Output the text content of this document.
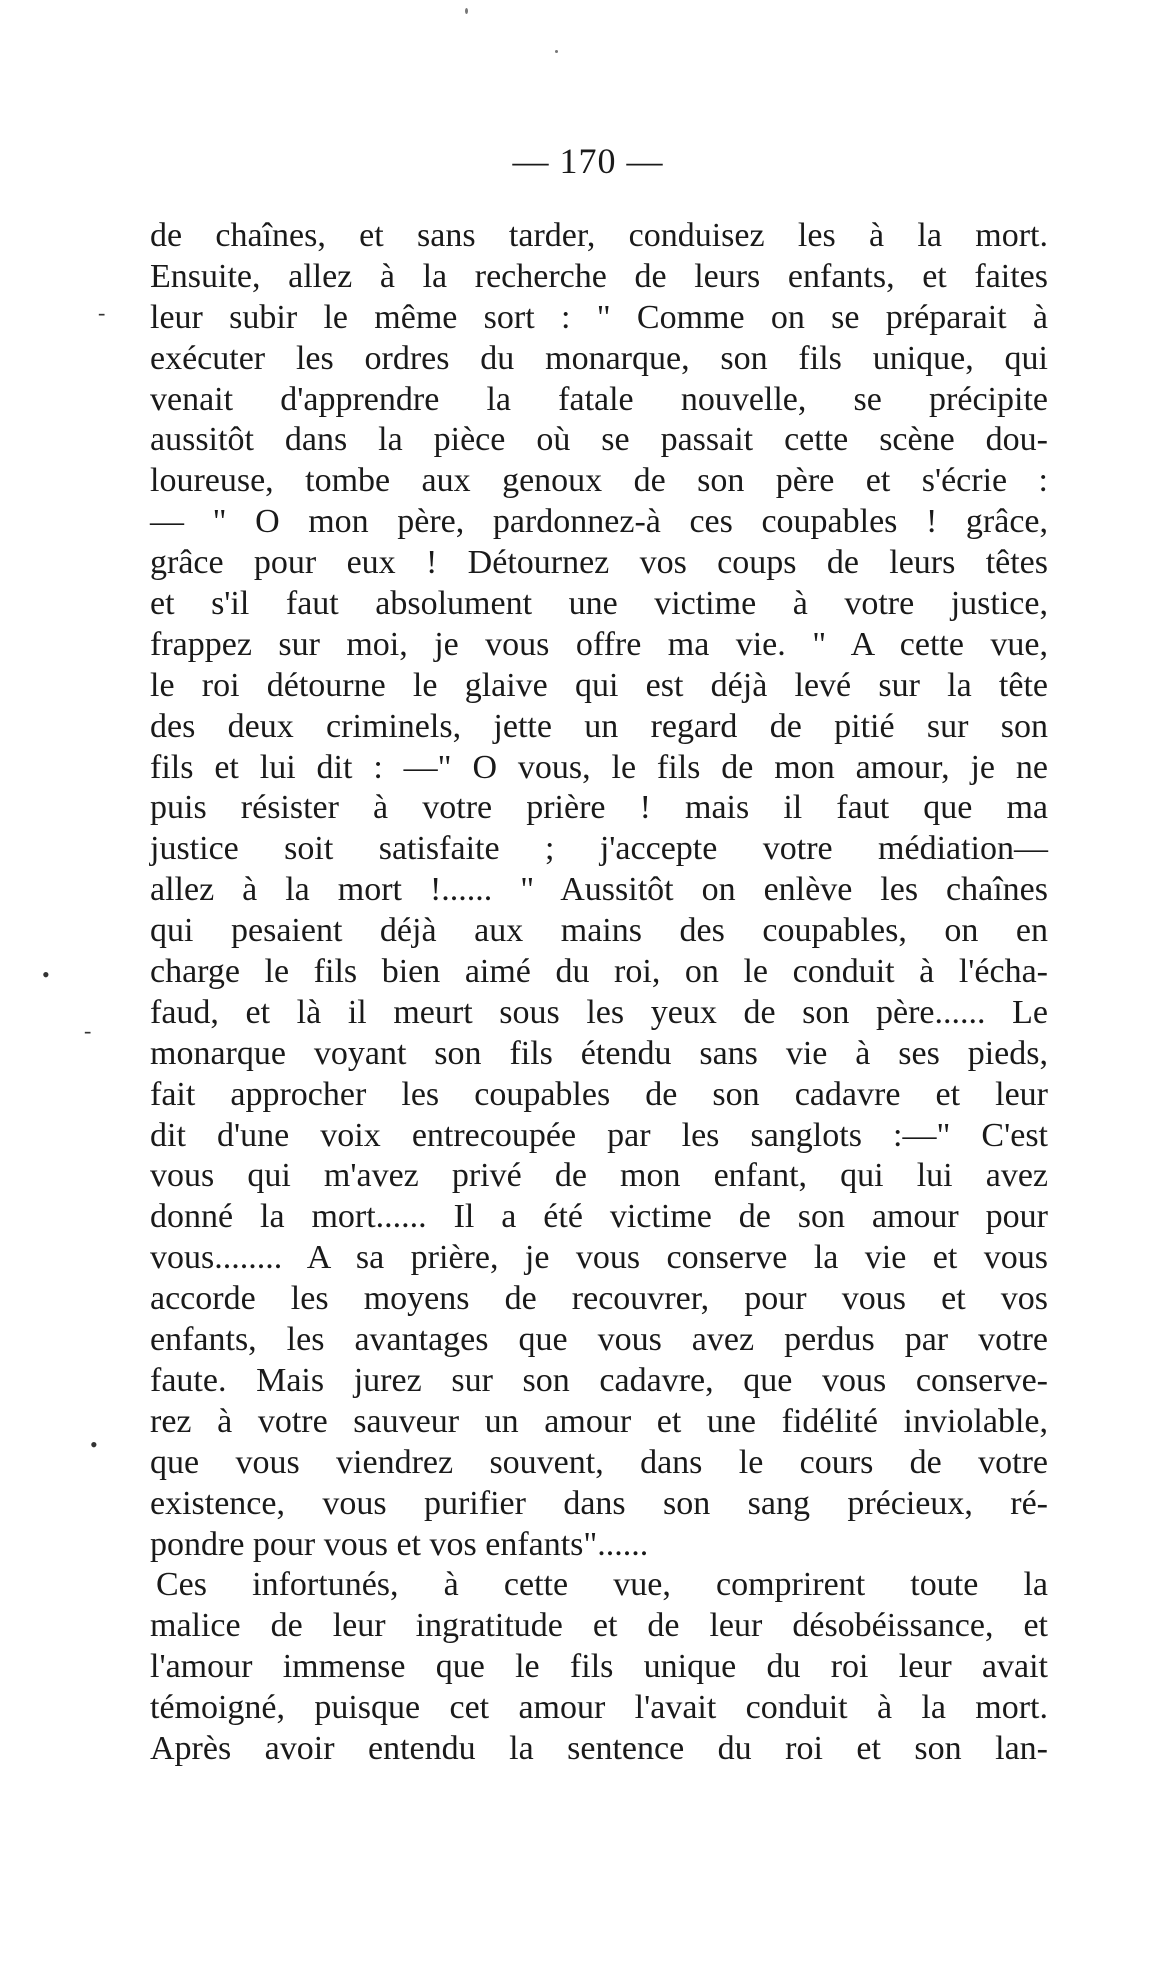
— 170 —
-
•
-
•
de chaînes, et sans tarder, conduisez les à la mort.
Ensuite, allez à la recherche de leurs enfants, et faites
leur subir le même sort : " Comme on se préparait à
exécuter les ordres du monarque, son fils unique, qui
venait d'apprendre la fatale nouvelle, se précipite
aussitôt dans la pièce où se passait cette scène dou-
loureuse, tombe aux genoux de son père et s'écrie :
— " O mon père, pardonnez-à ces coupables ! grâce,
grâce pour eux ! Détournez vos coups de leurs têtes
et s'il faut absolument une victime à votre justice,
frappez sur moi, je vous offre ma vie. " A cette vue,
le roi détourne le glaive qui est déjà levé sur la tête
des deux criminels, jette un regard de pitié sur son
fils et lui dit : —" O vous, le fils de mon amour, je ne
puis résister à votre prière ! mais il faut que ma
justice soit satisfaite ; j'accepte votre médiation—
allez à la mort !...... " Aussitôt on enlève les chaînes
qui pesaient déjà aux mains des coupables, on en
charge le fils bien aimé du roi, on le conduit à l'écha-
faud, et là il meurt sous les yeux de son père...... Le
monarque voyant son fils étendu sans vie à ses pieds,
fait approcher les coupables de son cadavre et leur
dit d'une voix entrecoupée par les sanglots :—" C'est
vous qui m'avez privé de mon enfant, qui lui avez
donné la mort...... Il a été victime de son amour pour
vous........ A sa prière, je vous conserve la vie et vous
accorde les moyens de recouvrer, pour vous et vos
enfants, les avantages que vous avez perdus par votre
faute. Mais jurez sur son cadavre, que vous conserve-
rez à votre sauveur un amour et une fidélité inviolable,
que vous viendrez souvent, dans le cours de votre
existence, vous purifier dans son sang précieux, ré-
pondre pour vous et vos enfants"......
Ces infortunés, à cette vue, comprirent toute la
malice de leur ingratitude et de leur désobéissance, et
l'amour immense que le fils unique du roi leur avait
témoigné, puisque cet amour l'avait conduit à la mort.
Après avoir entendu la sentence du roi et son lan-
